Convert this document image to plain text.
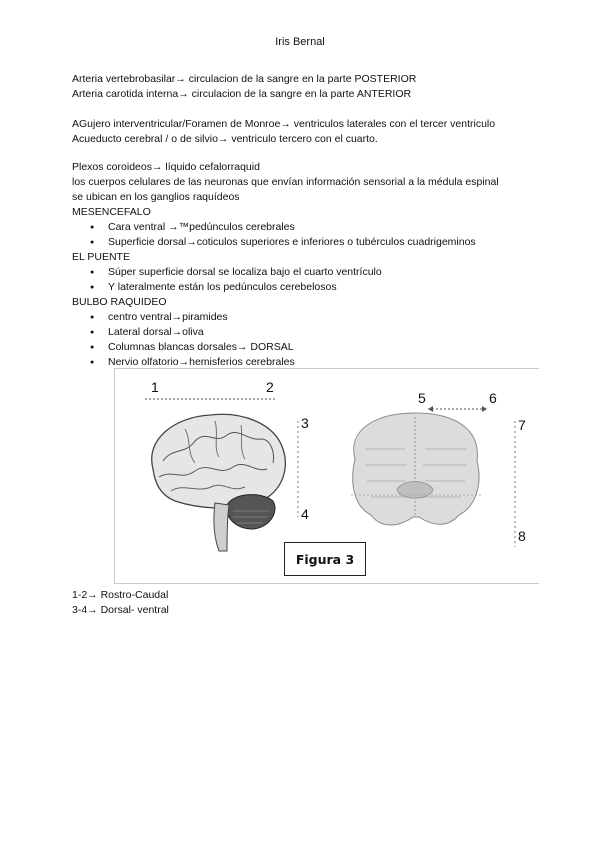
Iris Bernal

Arteria vertebrobasilar→ circulacion de la sangre en la parte POSTERIOR

Arteria carotida interna→ circulacion de la sangre en la parte ANTERIOR

AGujero interventricular/Foramen de Monroe→ ventriculos laterales con el tercer ventriculo

Acueducto cerebral / o de silvio→ ventriculo tercero con el cuarto.

Plexos coroideos→ líquido cefalorraquid

los cuerpos celulares de las neuronas que envían información sensorial a la médula espinal

se ubican en los ganglios raquídeos

MESENCEFALO

● Cara ventral →™pedúnculos cerebrales
● Superficie dorsal→coticulos superiores e inferiores o tubérculos cuadrigeminos

EL PUENTE

● Súper superficie dorsal se localiza bajo el cuarto ventrículo
● Y lateralmente están los pedúnculos cerebelosos

BULBO RAQUIDEO

● centro ventral→piramides
● Lateral dorsal→oliva
● Columnas blancas dorsales→ DORSAL
● Nervio olfatorio→hemisferios cerebrales
1	2
3
4
5	6
7
8
Figura 3

1-2→ Rostro-Caudal

3-4→ Dorsal- ventral
